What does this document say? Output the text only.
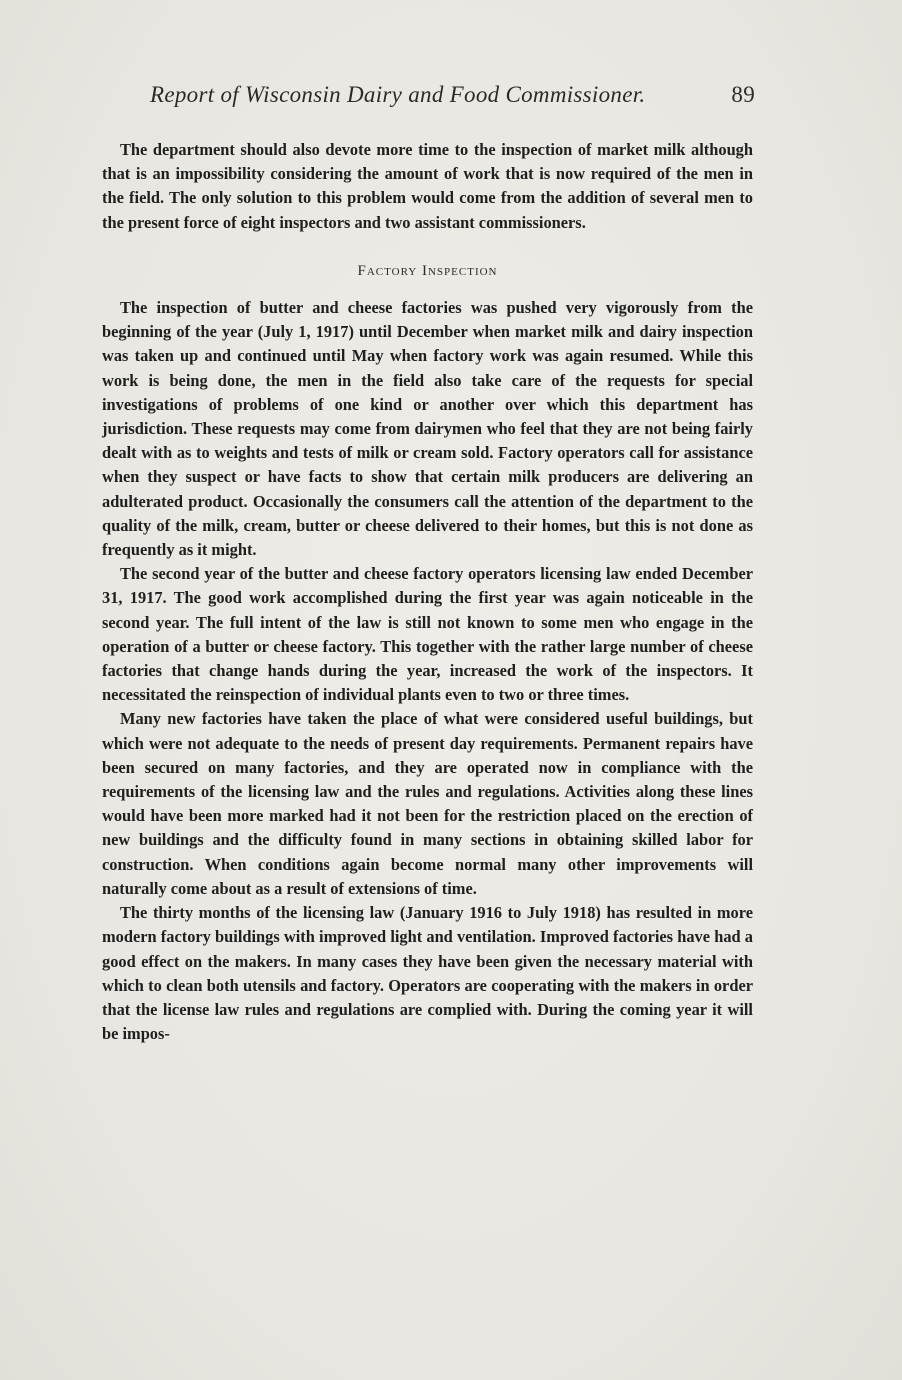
Report of Wisconsin Dairy and Food Commissioner.	89

The department should also devote more time to the inspection of market milk although that is an impossibility considering the amount of work that is now required of the men in the field. The only solution to this problem would come from the addition of several men to the present force of eight inspectors and two assistant commissioners.

Factory Inspection

The inspection of butter and cheese factories was pushed very vigorously from the beginning of the year (July 1, 1917) until December when market milk and dairy inspection was taken up and continued until May when factory work was again resumed. While this work is being done, the men in the field also take care of the requests for special investigations of problems of one kind or another over which this department has jurisdiction. These requests may come from dairymen who feel that they are not being fairly dealt with as to weights and tests of milk or cream sold. Factory operators call for assistance when they suspect or have facts to show that certain milk producers are delivering an adulterated product. Occasionally the consumers call the attention of the department to the quality of the milk, cream, butter or cheese delivered to their homes, but this is not done as frequently as it might.

The second year of the butter and cheese factory operators licensing law ended December 31, 1917. The good work accomplished during the first year was again noticeable in the second year. The full intent of the law is still not known to some men who engage in the operation of a butter or cheese factory. This together with the rather large number of cheese factories that change hands during the year, increased the work of the inspectors. It necessitated the reinspection of individual plants even to two or three times.

Many new factories have taken the place of what were considered useful buildings, but which were not adequate to the needs of present day requirements. Permanent repairs have been secured on many factories, and they are operated now in compliance with the requirements of the licensing law and the rules and regulations. Activities along these lines would have been more marked had it not been for the restriction placed on the erection of new buildings and the difficulty found in many sections in obtaining skilled labor for construction. When conditions again become normal many other improvements will naturally come about as a result of extensions of time.

The thirty months of the licensing law (January 1916 to July 1918) has resulted in more modern factory buildings with improved light and ventilation. Improved factories have had a good effect on the makers. In many cases they have been given the necessary material with which to clean both utensils and factory. Operators are cooperating with the makers in order that the license law rules and regulations are complied with. During the coming year it will be impos-
